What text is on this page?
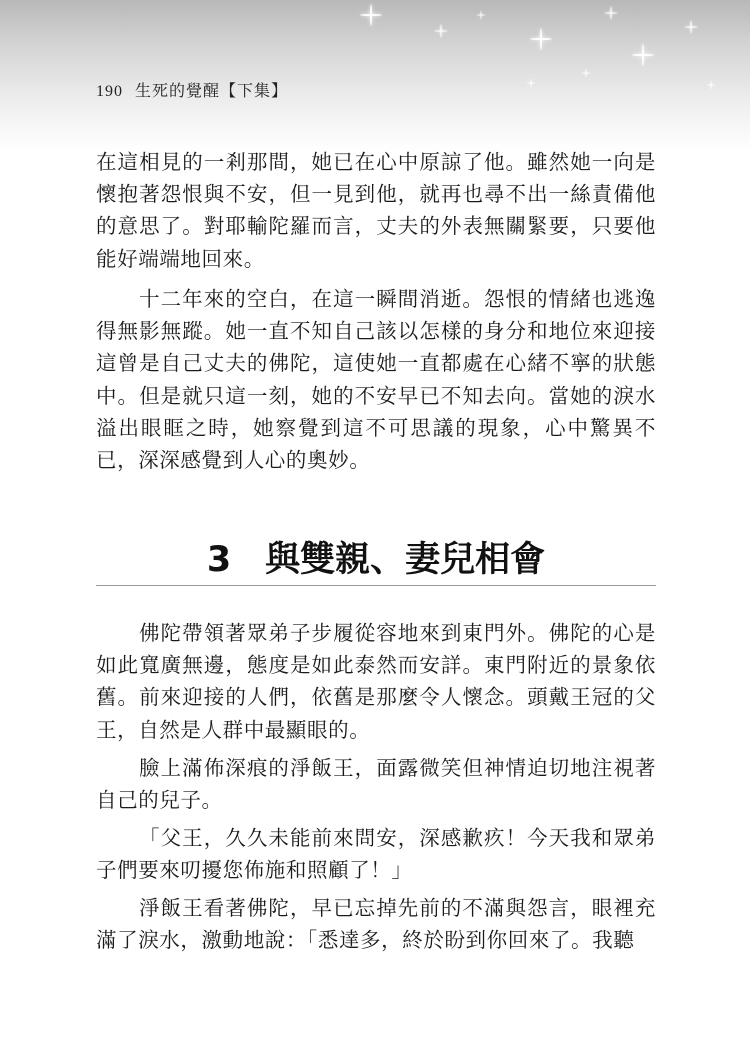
190 生死的覺醒【下集】

在這相見的一剎那間，她已在心中原諒了他。雖然她一向是懷抱著怨恨與不安，但一見到他，就再也尋不出一絲責備他的意思了。對耶輸陀羅而言，丈夫的外表無關緊要，只要他能好端端地回來。

十二年來的空白，在這一瞬間消逝。怨恨的情緒也逃逸得無影無蹤。她一直不知自己該以怎樣的身分和地位來迎接這曾是自己丈夫的佛陀，這使她一直都處在心緒不寧的狀態中。但是就只這一刻，她的不安早已不知去向。當她的淚水溢出眼眶之時，她察覺到這不可思議的現象，心中驚異不已，深深感覺到人心的奧妙。

3 與雙親、妻兒相會

佛陀帶領著眾弟子步履從容地來到東門外。佛陀的心是如此寬廣無邊，態度是如此泰然而安詳。東門附近的景象依舊。前來迎接的人們，依舊是那麼令人懷念。頭戴王冠的父王，自然是人群中最顯眼的。

臉上滿佈深痕的淨飯王，面露微笑但神情迫切地注視著自己的兒子。

「父王，久久未能前來問安，深感歉疚！今天我和眾弟子們要來叨擾您佈施和照顧了！」

淨飯王看著佛陀，早已忘掉先前的不滿與怨言，眼裡充滿了淚水，激動地說：「悉達多，終於盼到你回來了。我聽
